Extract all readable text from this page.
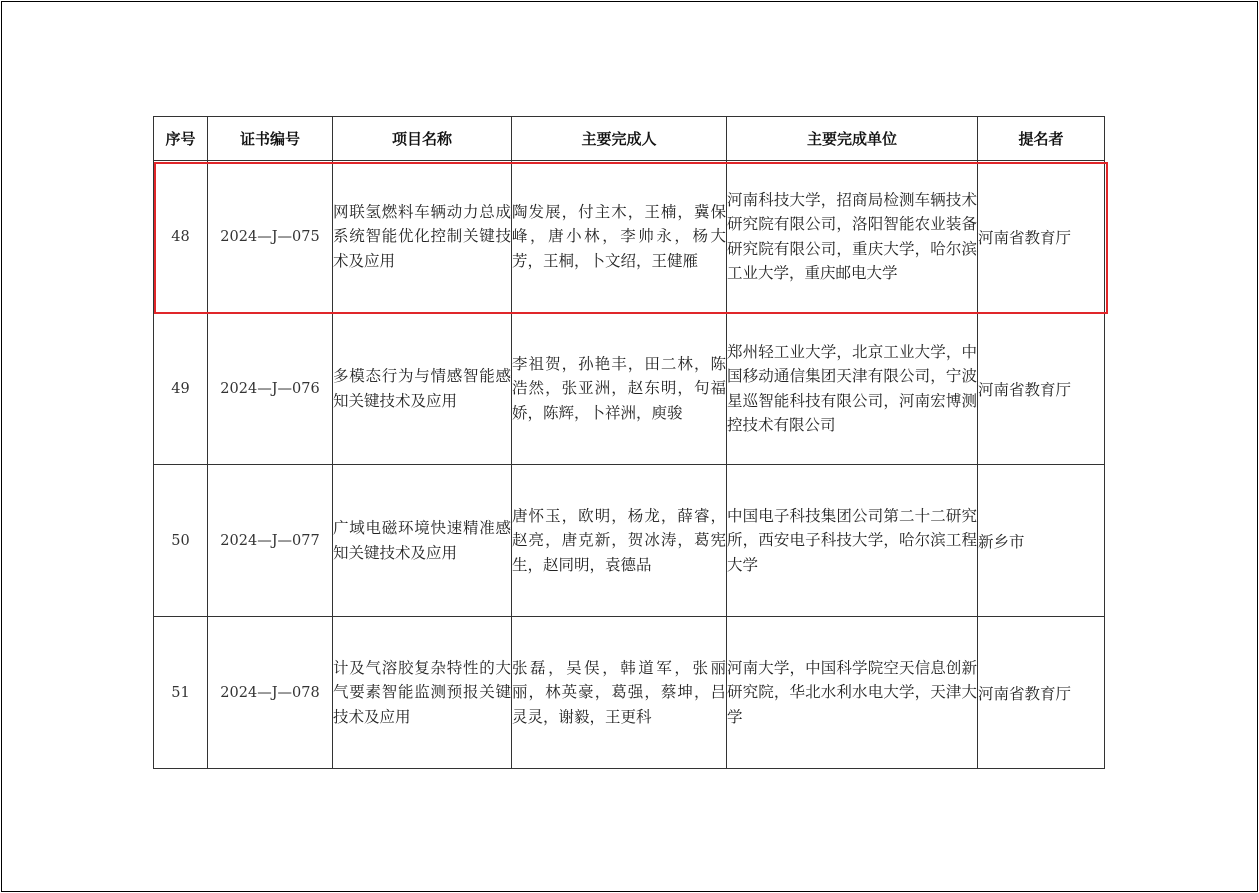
序号	证书编号	项目名称	主要完成人	主要完成单位	提名者
48	2024—J—075	网联氢燃料车辆动力总成系统智能优化控制关键技术及应用	陶发展，付主木，王楠，冀保峰，唐小林，李帅永，杨大芳，王桐，卜文绍，王健雁	河南科技大学，招商局检测车辆技术研究院有限公司，洛阳智能农业装备研究院有限公司，重庆大学，哈尔滨工业大学，重庆邮电大学	河南省教育厅
49	2024—J—076	多模态行为与情感智能感知关键技术及应用	李祖贺，孙艳丰，田二林，陈浩然，张亚洲，赵东明，句福娇，陈辉，卜祥洲，庾骏	郑州轻工业大学，北京工业大学，中国移动通信集团天津有限公司，宁波星巡智能科技有限公司，河南宏博测控技术有限公司	河南省教育厅
50	2024—J—077	广域电磁环境快速精准感知关键技术及应用	唐怀玉，欧明，杨龙，薛睿，赵亮，唐克新，贺冰涛，葛宪生，赵同明，袁德品	中国电子科技集团公司第二十二研究所，西安电子科技大学，哈尔滨工程大学	新乡市
51	2024—J—078	计及气溶胶复杂特性的大气要素智能监测预报关键技术及应用	张磊，吴俣，韩道军，张丽丽，林英豪，葛强，蔡坤，吕灵灵，谢毅，王更科	河南大学，中国科学院空天信息创新研究院，华北水利水电大学，天津大学	河南省教育厅
